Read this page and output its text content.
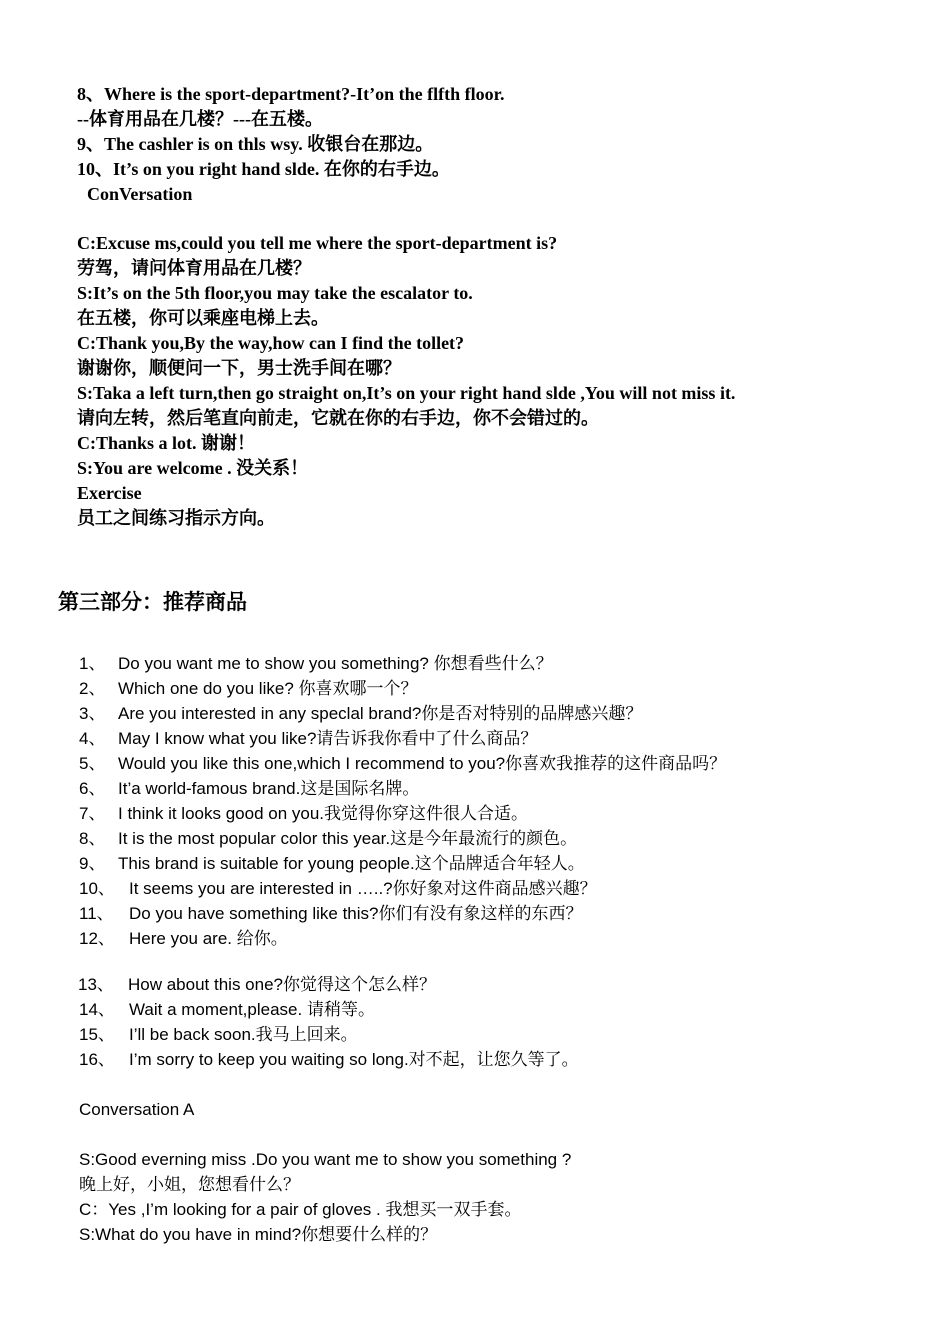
8、Where is the sport-department?-It’on the flfth floor.
--体育用品在几楼？---在五楼。
9、The cashler is on thls wsy. 收银台在那边。
10、It’s on you right hand slde. 在你的右手边。
ConVersation
C:Excuse ms,could you tell me where the sport-department is?
劳驾，请问体育用品在几楼？
S:It’s on the 5th floor,you may take the escalator to.
在五楼，你可以乘座电梯上去。
C:Thank you,By the way,how can I find the tollet?
谢谢你，顺便问一下，男士洗手间在哪？
S:Taka a left turn,then go straight on,It’s on your right hand slde ,You will not miss it.
请向左转，然后笔直向前走，它就在你的右手边，你不会错过的。
C:Thanks a lot. 谢谢！
S:You are welcome . 没关系！
Exercise
员工之间练习指示方向。
第三部分：推荐商品
1、 Do you want me to show you something? 你想看些什么？
2、 Which one do you like? 你喜欢哪一个？
3、 Are you interested in any speclal brand?你是否对特别的品牌感兴趣？
4、 May I know what you like?请告诉我你看中了什么商品？
5、 Would you like this one,which I recommend to you?你喜欢我推荐的这件商品吗？
6、 It’a world-famous brand.这是国际名牌。
7、 I think it looks good on you.我觉得你穿这件很人合适。
8、 It is the most popular color this year.这是今年最流行的颜色。
9、 This brand is suitable for young people.这个品牌适合年轻人。
10、 It seems you are interested in …..?你好象对这件商品感兴趣？
11、 Do you have something like this?你们有没有象这样的东西？
12、 Here you are. 给你。
13、 How about this one?你觉得这个怎么样？
14、 Wait a moment,please. 请稍等。
15、 I’ll be back soon.我马上回来。
16、 I’m sorry to keep you waiting so long.对不起，让您久等了。
Conversation A
S:Good everning miss .Do you want me to show you something ?
晚上好，小姐，您想看什么？
C：Yes ,I’m looking for a pair of gloves . 我想买一双手套。
S:What do you have in mind?你想要什么样的？
